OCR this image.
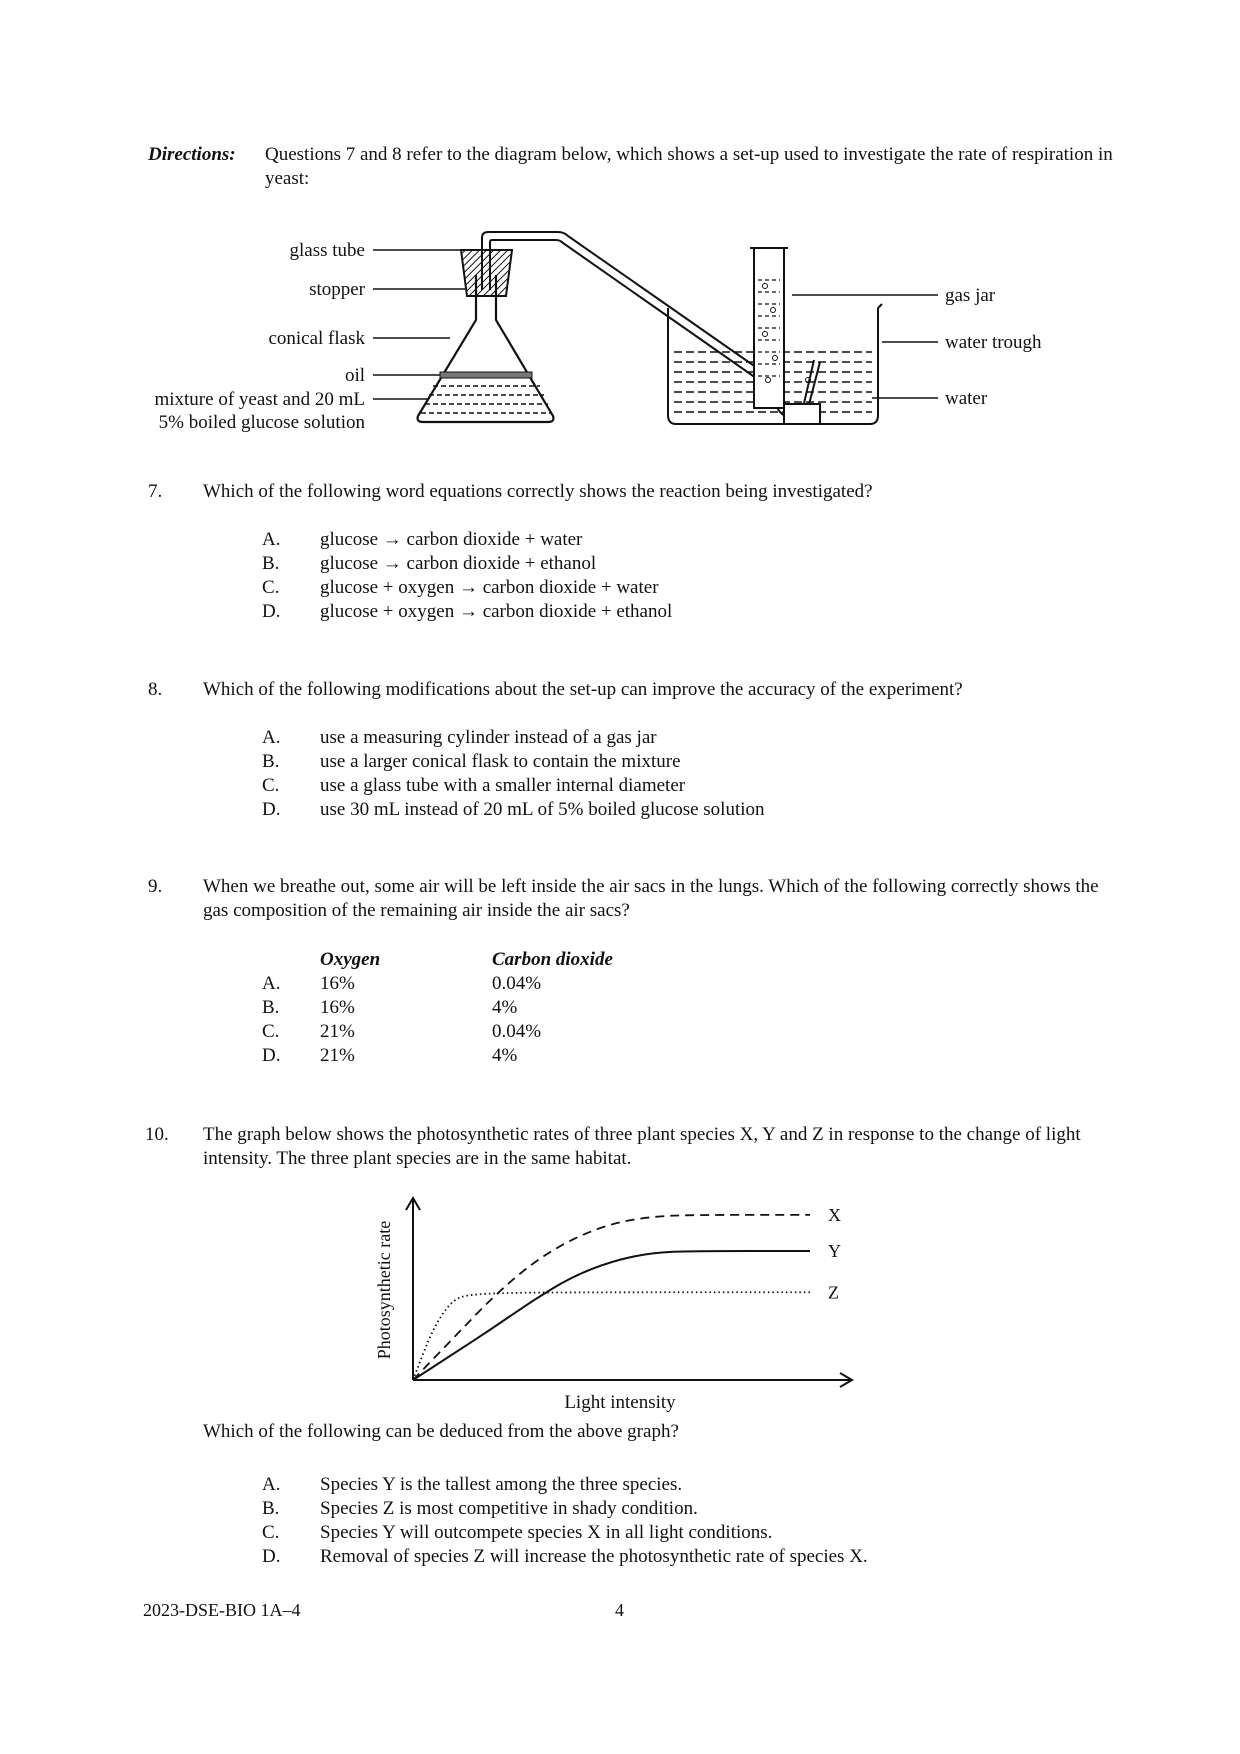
Directions: Questions 7 and 8 refer to the diagram below, which shows a set-up used to investigate the rate of respiration in yeast:
glass tube
stopper
conical flask
oil
mixture of yeast and 20 mL
5% boiled glucose solution
gas jar
water trough
water
7. Which of the following word equations correctly shows the reaction being investigated?
A.	glucose → carbon dioxide + water
B.	glucose → carbon dioxide + ethanol
C.	glucose + oxygen → carbon dioxide + water
D.	glucose + oxygen → carbon dioxide + ethanol
8. Which of the following modifications about the set-up can improve the accuracy of the experiment?
A.	use a measuring cylinder instead of a gas jar
B.	use a larger conical flask to contain the mixture
C.	use a glass tube with a smaller internal diameter
D.	use 30 mL instead of 20 mL of 5% boiled glucose solution
9. When we breathe out, some air will be left inside the air sacs in the lungs. Which of the following correctly shows the gas composition of the remaining air inside the air sacs?
Oxygen	Carbon dioxide
A.	16%	0.04%
B.	16%	4%
C.	21%	0.04%
D.	21%	4%
10. The graph below shows the photosynthetic rates of three plant species X, Y and Z in response to the change of light intensity. The three plant species are in the same habitat.
X
Y
Z
Photosynthetic rate
Light intensity
Which of the following can be deduced from the above graph?
A.	Species Y is the tallest among the three species.
B.	Species Z is most competitive in shady condition.
C.	Species Y will outcompete species X in all light conditions.
D.	Removal of species Z will increase the photosynthetic rate of species X.
2023-DSE-BIO 1A–4	4
